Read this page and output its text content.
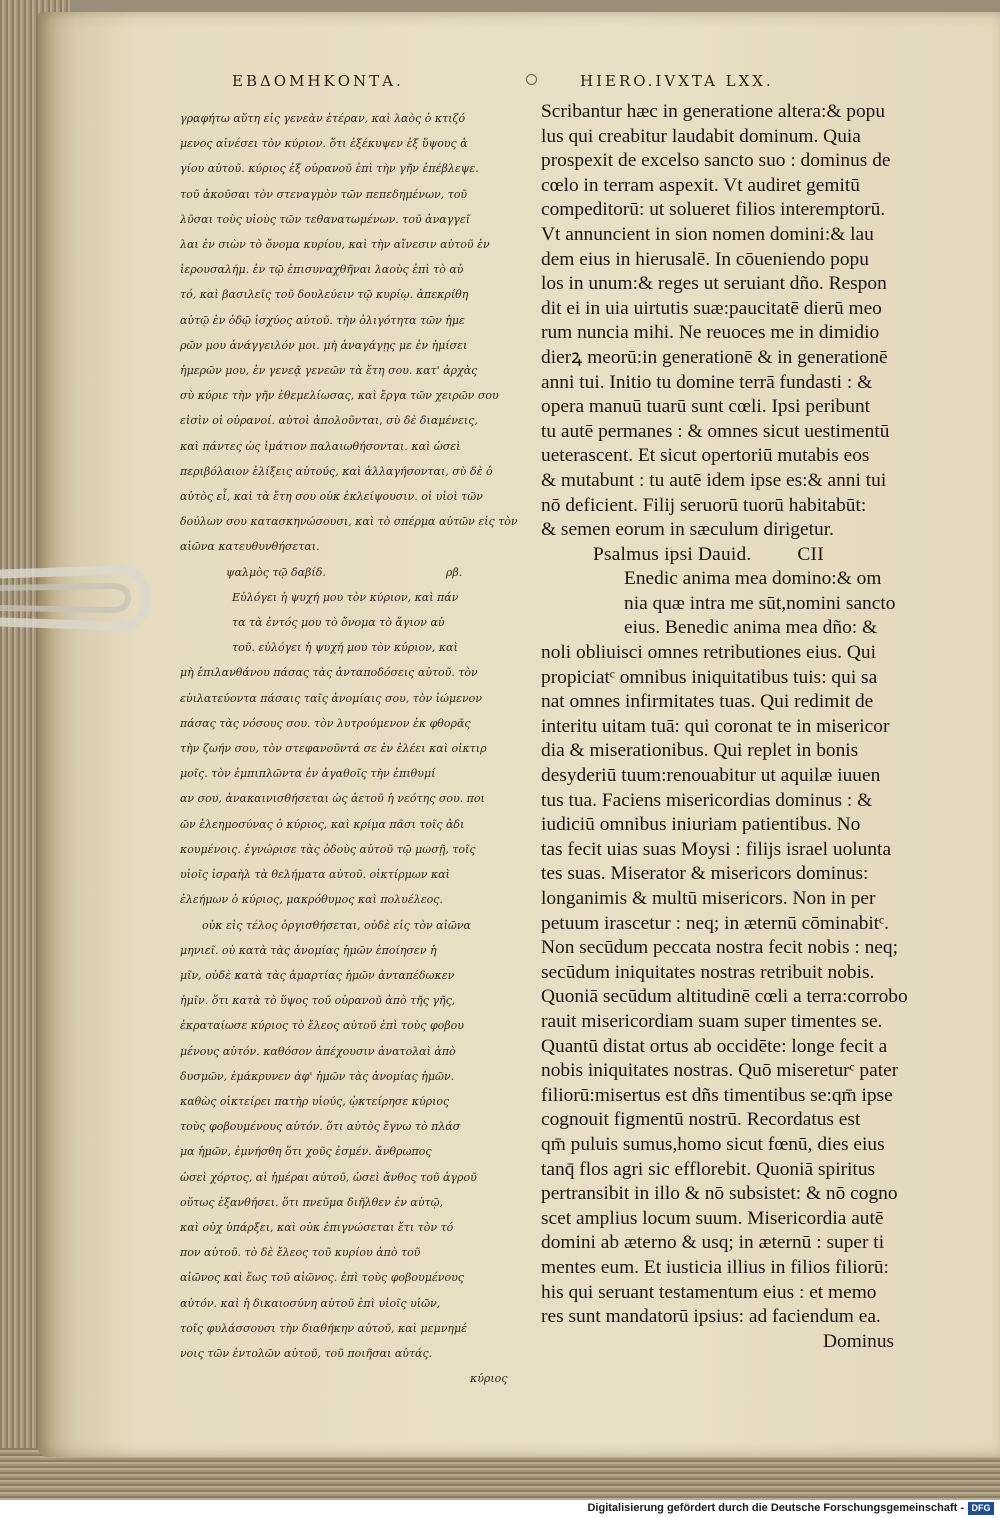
ΕΒΔΟΜΗΚΟΝΤΑ.	HIERO.IVXTA LXX.
γραφήτω αὕτη εἰς γενεὰν ἑτέραν, καὶ λαὸς ὁ κτιζό
μενος αἰνέσει τὸν κύριον. ὅτι ἐξέκυψεν ἐξ ὕψους ἁ
γίου αὐτοῦ. κύριος ἐξ οὐρανοῦ ἐπὶ τὴν γῆν ἐπέβλεψε.
τοῦ ἀκοῦσαι τὸν στεναγμὸν τῶν πεπεδημένων, τοῦ
λῦσαι τοὺς υἱοὺς τῶν τεθανατωμένων. τοῦ ἀναγγεῖ
λαι ἐν σιὼν τὸ ὄνομα κυρίου, καὶ τὴν αἴνεσιν αὐτοῦ ἐν
ἱερουσαλήμ. ἐν τῷ ἐπισυναχθῆναι λαοὺς ἐπὶ τὸ αὐ
τό, καὶ βασιλεῖς τοῦ δουλεύειν τῷ κυρίῳ. ἀπεκρίθη
αὐτῷ ἐν ὁδῷ ἰσχύος αὐτοῦ. τὴν ὀλιγότητα τῶν ἡμε
ρῶν μου ἀνάγγειλόν μοι. μὴ ἀναγάγῃς με ἐν ἡμίσει
ἡμερῶν μου, ἐν γενεᾷ γενεῶν τὰ ἔτη σου. κατ' ἀρχὰς
σὺ κύριε τὴν γῆν ἐθεμελίωσας, καὶ ἔργα τῶν χειρῶν σου
εἰσὶν οἱ οὐρανοί. αὐτοὶ ἀπολοῦνται, σὺ δὲ διαμένεις,
καὶ πάντες ὡς ἱμάτιον παλαιωθήσονται. καὶ ὡσεὶ
περιβόλαιον ἑλίξεις αὐτούς, καὶ ἀλλαγήσονται, σὺ δὲ ὁ
αὐτὸς εἶ, καὶ τὰ ἔτη σου οὐκ ἐκλείψουσιν. οἱ υἱοὶ τῶν
δούλων σου κατασκηνώσουσι, καὶ τὸ σπέρμα αὐτῶν εἰς τὸν
αἰῶνα κατευθυνθήσεται.
ψαλμὸς τῷ δαβίδ.	ρβ.
Εὐλόγει ἡ ψυχή μου τὸν κύριον, καὶ πάν
τα τὰ ἐντός μου τὸ ὄνομα τὸ ἅγιον αὐ
τοῦ. εὐλόγει ἡ ψυχή μου τὸν κύριον, καὶ
μὴ ἐπιλανθάνου πάσας τὰς ἀνταποδόσεις αὐτοῦ. τὸν
εὐιλατεύοντα πάσαις ταῖς ἀνομίαις σου, τὸν ἰώμενον
πάσας τὰς νόσους σου. τὸν λυτρούμενον ἐκ φθορᾶς
τὴν ζωήν σου, τὸν στεφανοῦντά σε ἐν ἐλέει καὶ οἰκτιρ
μοῖς. τὸν ἐμπιπλῶντα ἐν ἀγαθοῖς τὴν ἐπιθυμί
αν σου, ἀνακαινισθήσεται ὡς ἀετοῦ ἡ νεότης σου. ποι
ῶν ἐλεημοσύνας ὁ κύριος, καὶ κρίμα πᾶσι τοῖς ἀδι
κουμένοις. ἐγνώρισε τὰς ὁδοὺς αὐτοῦ τῷ μωσῇ, τοῖς
υἱοῖς ἰσραὴλ τὰ θελήματα αὐτοῦ. οἰκτίρμων καὶ
ἐλεήμων ὁ κύριος, μακρόθυμος καὶ πολυέλεος.
οὐκ εἰς τέλος ὀργισθήσεται, οὐδὲ εἰς τὸν αἰῶνα
μηνιεῖ. οὐ κατὰ τὰς ἀνομίας ἡμῶν ἐποίησεν ἡ
μῖν, οὐδὲ κατὰ τὰς ἁμαρτίας ἡμῶν ἀνταπέδωκεν
ἡμῖν. ὅτι κατὰ τὸ ὕψος τοῦ οὐρανοῦ ἀπὸ τῆς γῆς,
ἐκραταίωσε κύριος τὸ ἔλεος αὐτοῦ ἐπὶ τοὺς φοβου
μένους αὐτόν. καθόσον ἀπέχουσιν ἀνατολαὶ ἀπὸ
δυσμῶν, ἐμάκρυνεν ἀφ' ἡμῶν τὰς ἀνομίας ἡμῶν.
καθὼς οἰκτείρει πατὴρ υἱούς, ᾠκτείρησε κύριος
τοὺς φοβουμένους αὐτόν. ὅτι αὐτὸς ἔγνω τὸ πλάσ
μα ἡμῶν, ἐμνήσθη ὅτι χοῦς ἐσμέν. ἄνθρωπος
ὡσεὶ χόρτος, αἱ ἡμέραι αὐτοῦ, ὡσεὶ ἄνθος τοῦ ἀγροῦ
οὕτως ἐξανθήσει. ὅτι πνεῦμα διῆλθεν ἐν αὐτῷ,
καὶ οὐχ ὑπάρξει, καὶ οὐκ ἐπιγνώσεται ἔτι τὸν τό
πον αὐτοῦ. τὸ δὲ ἔλεος τοῦ κυρίου ἀπὸ τοῦ
αἰῶνος καὶ ἕως τοῦ αἰῶνος. ἐπὶ τοὺς φοβουμένους
αὐτόν. καὶ ἡ δικαιοσύνη αὐτοῦ ἐπὶ υἱοῖς υἱῶν,
τοῖς φυλάσσουσι τὴν διαθήκην αὐτοῦ, καὶ μεμνημέ
νοις τῶν ἐντολῶν αὐτοῦ, τοῦ ποιῆσαι αὐτάς.
κύριος
Scribantur hæc in generatione altera:& popu
lus qui creabitur laudabit dominum. Quia
prospexit de excelso sancto suo : dominus de
cœlo in terram aspexit. Vt audiret gemitū
compeditorū: ut solueret filios interemptorū.
Vt annuncient in sion nomen domini:& lau
dem eius in hierusalē. In cōueniendo popu
los in unum:& reges ut seruiant dño. Respon
dit ei in uia uirtutis suæ:paucitatē dierū meo
rum nuncia mihi. Ne reuoces me in dimidio
dierꝝ meorū:in generationē & in generationē
anni tui. Initio tu domine terrā fundasti : &
opera manuū tuarū sunt cœli. Ipsi peribunt
tu autē permanes : & omnes sicut uestimentū
ueterascent. Et sicut opertoriū mutabis eos
& mutabunt : tu autē idem ipse es:& anni tui
nō deficient. Filij seruorū tuorū habitabūt:
& semen eorum in sæculum dirigetur.
Psalmus ipsi Dauid. CII
Enedic anima mea domino:& om
nia quæ intra me sūt,nomini sancto
eius. Benedic anima mea dño: &
noli obliuisci omnes retributiones eius. Qui
propiciatᶜ omnibus iniquitatibus tuis: qui sa
nat omnes infirmitates tuas. Qui redimit de
interitu uitam tuā: qui coronat te in misericor
dia & miserationibus. Qui replet in bonis
desyderiū tuum:renouabitur ut aquilæ iuuen
tus tua. Faciens misericordias dominus : &
iudiciū omnibus iniuriam patientibus. No
tas fecit uias suas Moysi : filijs israel uolunta
tes suas. Miserator & misericors dominus:
longanimis & multū misericors. Non in per
petuum irascetur : neq; in æternū cōminabitᶜ.
Non secūdum peccata nostra fecit nobis : neq;
secūdum iniquitates nostras retribuit nobis.
Quoniā secūdum altitudinē cœli a terra:corrobo
rauit misericordiam suam super timentes se.
Quantū distat ortus ab occidēte: longe fecit a
nobis iniquitates nostras. Quō misereturᶜ pater
filiorū:misertus est dñs timentibus se:qm̄ ipse
cognouit figmentū nostrū. Recordatus est
qm̄ puluis sumus,homo sicut fœnū, dies eius
tanq̄ flos agri sic efflorebit. Quoniā spiritus
pertransibit in illo & nō subsistet: & nō cogno
scet amplius locum suum. Misericordia autē
domini ab æterno & usq; in æternū : super ti
mentes eum. Et iusticia illius in filios filiorū:
his qui seruant testamentum eius : et memo
res sunt mandatorū ipsius: ad faciendum ea.
Dominus
Digitalisierung gefördert durch die Deutsche Forschungsgemeinschaft - DFG
